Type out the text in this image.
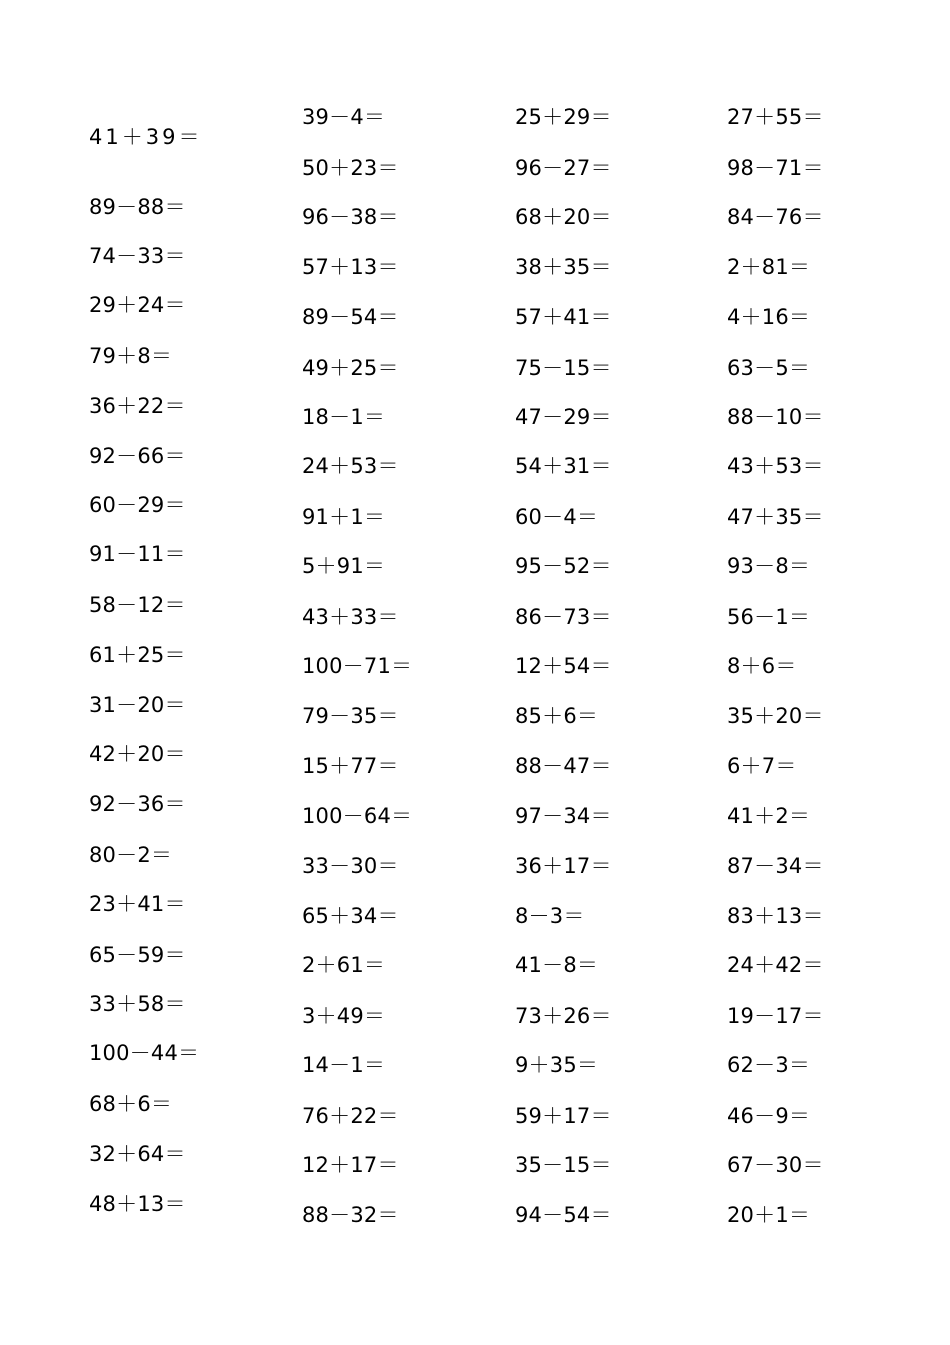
41＋39＝
89－88＝
74－33＝
29＋24＝
79＋8＝
36＋22＝
92－66＝
60－29＝
91－11＝
58－12＝
61＋25＝
31－20＝
42＋20＝
92－36＝
80－2＝
23＋41＝
65－59＝
33＋58＝
100－44＝
68＋6＝
32＋64＝
48＋13＝
39－4＝
50＋23＝
96－38＝
57＋13＝
89－54＝
49＋25＝
18－1＝
24＋53＝
91＋1＝
5＋91＝
43＋33＝
100－71＝
79－35＝
15＋77＝
100－64＝
33－30＝
65＋34＝
2＋61＝
3＋49＝
14－1＝
76＋22＝
12＋17＝
88－32＝
25＋29＝
96－27＝
68＋20＝
38＋35＝
57＋41＝
75－15＝
47－29＝
54＋31＝
60－4＝
95－52＝
86－73＝
12＋54＝
85＋6＝
88－47＝
97－34＝
36＋17＝
8－3＝
41－8＝
73＋26＝
9＋35＝
59＋17＝
35－15＝
94－54＝
27＋55＝
98－71＝
84－76＝
2＋81＝
4＋16＝
63－5＝
88－10＝
43＋53＝
47＋35＝
93－8＝
56－1＝
8＋6＝
35＋20＝
6＋7＝
41＋2＝
87－34＝
83＋13＝
24＋42＝
19－17＝
62－3＝
46－9＝
67－30＝
20＋1＝
